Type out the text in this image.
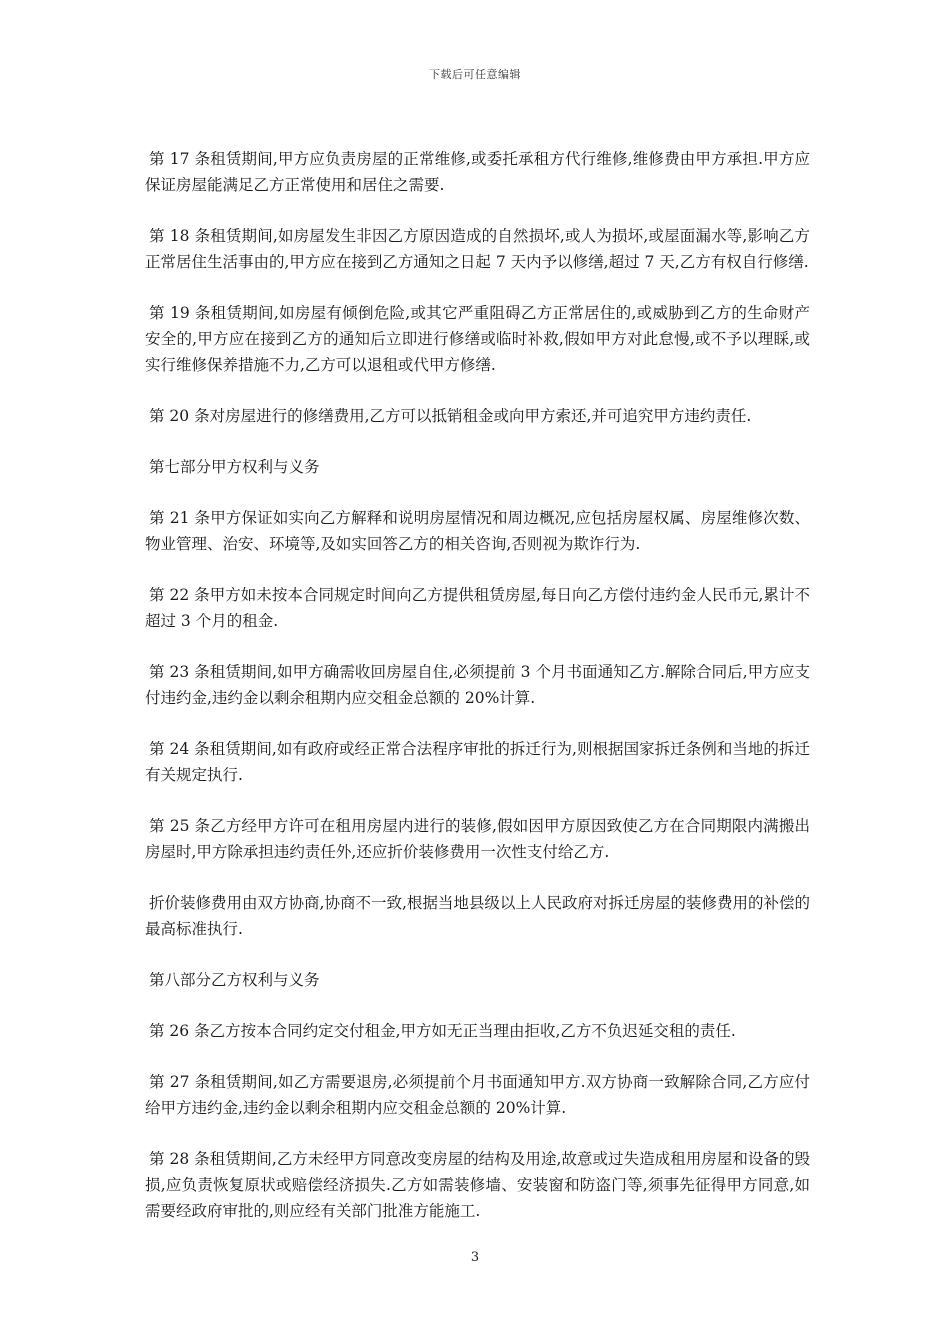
下载后可任意编辑

第 17 条租赁期间,甲方应负责房屋的正常维修,或委托承租方代行维修,维修费由甲方承担.甲方应保证房屋能满足乙方正常使用和居住之需要.

第 18 条租赁期间,如房屋发生非因乙方原因造成的自然损坏,或人为损坏,或屋面漏水等,影响乙方正常居住生活事由的,甲方应在接到乙方通知之日起 7 天内予以修缮,超过 7 天,乙方有权自行修缮.

第 19 条租赁期间,如房屋有倾倒危险,或其它严重阻碍乙方正常居住的,或威胁到乙方的生命财产安全的,甲方应在接到乙方的通知后立即进行修缮或临时补救,假如甲方对此怠慢,或不予以理睬,或实行维修保养措施不力,乙方可以退租或代甲方修缮.

第 20 条对房屋进行的修缮费用,乙方可以抵销租金或向甲方索还,并可追究甲方违约责任.

第七部分甲方权利与义务

第 21 条甲方保证如实向乙方解释和说明房屋情况和周边概况,应包括房屋权属、房屋维修次数、物业管理、治安、环境等,及如实回答乙方的相关咨询,否则视为欺诈行为.

第 22 条甲方如未按本合同规定时间向乙方提供租赁房屋,每日向乙方偿付违约金人民币元,累计不超过 3 个月的租金.

第 23 条租赁期间,如甲方确需收回房屋自住,必须提前 3 个月书面通知乙方.解除合同后,甲方应支付违约金,违约金以剩余租期内应交租金总额的 20%计算.

第 24 条租赁期间,如有政府或经正常合法程序审批的拆迁行为,则根据国家拆迁条例和当地的拆迁有关规定执行.

第 25 条乙方经甲方许可在租用房屋内进行的装修,假如因甲方原因致使乙方在合同期限内满搬出房屋时,甲方除承担违约责任外,还应折价装修费用一次性支付给乙方.

折价装修费用由双方协商,协商不一致,根据当地县级以上人民政府对拆迁房屋的装修费用的补偿的最高标准执行.

第八部分乙方权利与义务

第 26 条乙方按本合同约定交付租金,甲方如无正当理由拒收,乙方不负迟延交租的责任.

第 27 条租赁期间,如乙方需要退房,必须提前个月书面通知甲方.双方协商一致解除合同,乙方应付给甲方违约金,违约金以剩余租期内应交租金总额的 20%计算.

第 28 条租赁期间,乙方未经甲方同意改变房屋的结构及用途,故意或过失造成租用房屋和设备的毁损,应负责恢复原状或赔偿经济损失.乙方如需装修墙、安装窗和防盗门等,须事先征得甲方同意,如需要经政府审批的,则应经有关部门批准方能施工.

3
